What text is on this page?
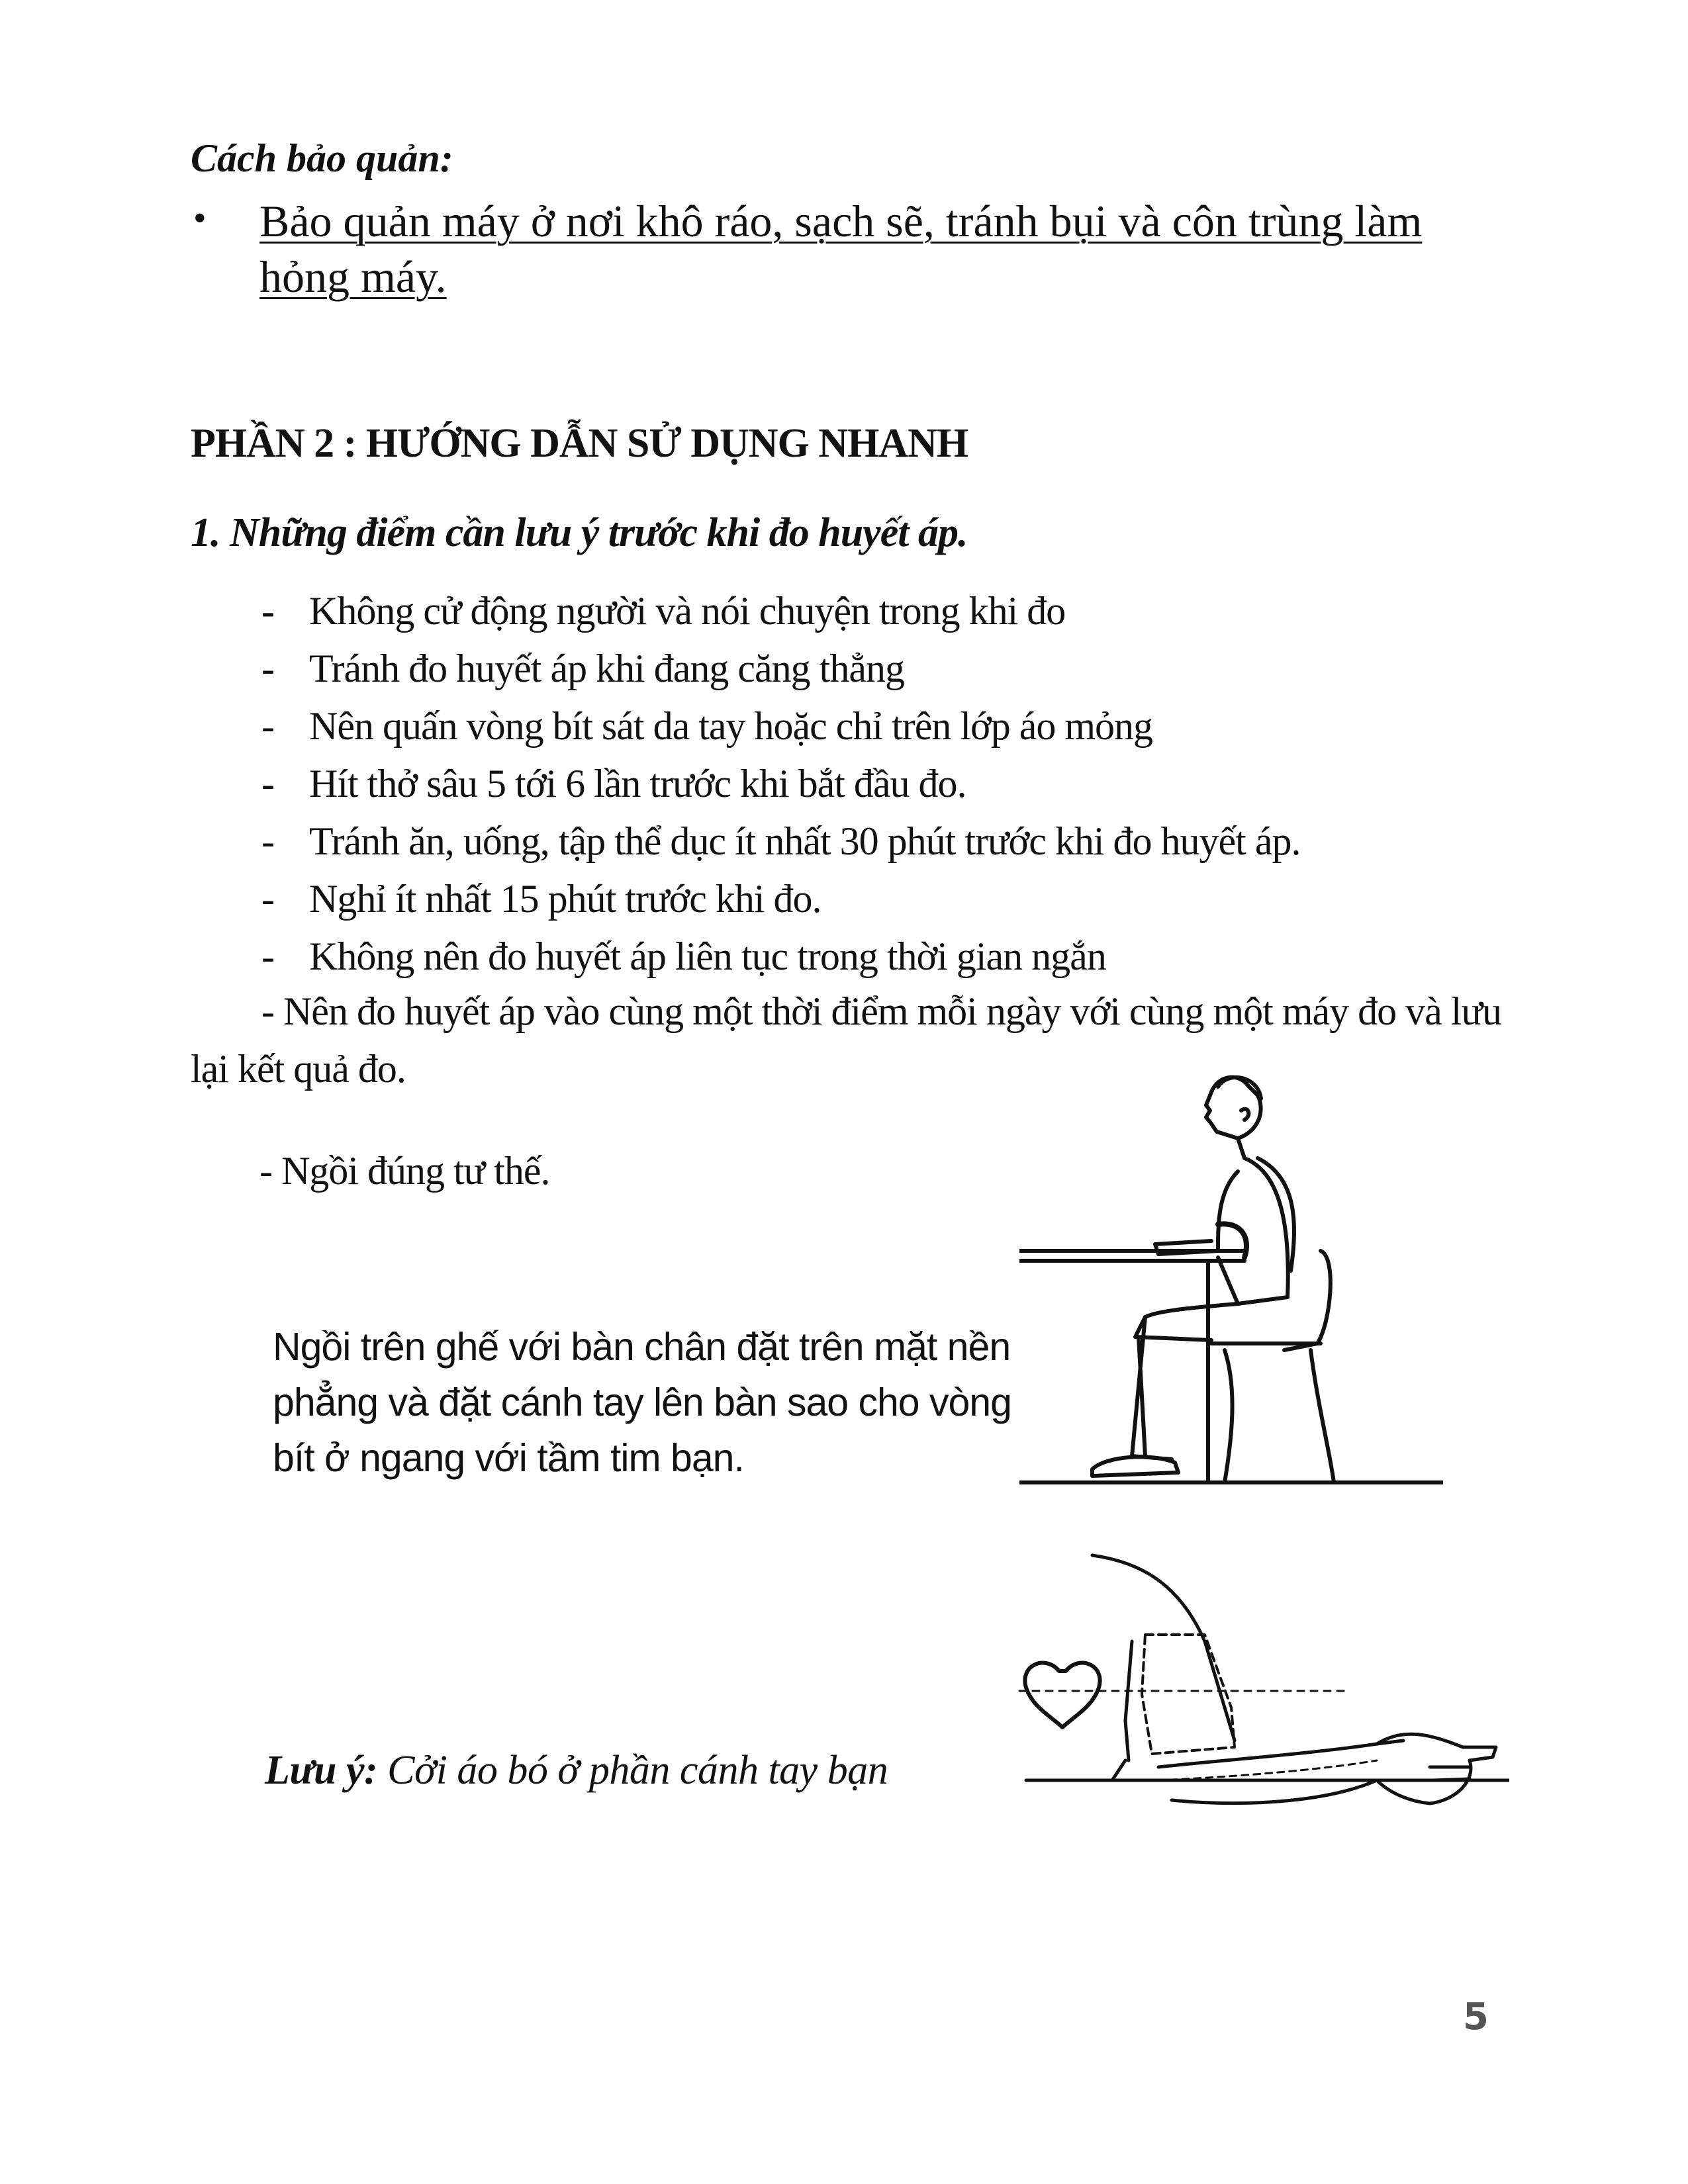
Cách bảo quản:
• Bảo quản máy ở nơi khô ráo, sạch sẽ, tránh bụi và côn trùng làm hỏng máy.
PHẦN 2 : HƯỚNG DẪN SỬ DỤNG NHANH
1. Những điểm cần lưu ý trước khi đo huyết áp.
- Không cử động người và nói chuyện trong khi đo
- Tránh đo huyết áp khi đang căng thẳng
- Nên quấn vòng bít sát da tay hoặc chỉ trên lớp áo mỏng
- Hít thở sâu 5 tới 6 lần trước khi bắt đầu đo.
- Tránh ăn, uống, tập thể dục ít nhất 30 phút trước khi đo huyết áp.
- Nghỉ ít nhất 15 phút trước khi đo.
- Không nên đo huyết áp liên tục trong thời gian ngắn
- Nên đo huyết áp vào cùng một thời điểm mỗi ngày với cùng một máy đo và lưu lại kết quả đo.
- Ngồi đúng tư thế.
Ngồi trên ghế với bàn chân đặt trên mặt nền phẳng và đặt cánh tay lên bàn sao cho vòng bít ở ngang với tầm tim bạn.
Lưu ý: Cởi áo bó ở phần cánh tay bạn
5
